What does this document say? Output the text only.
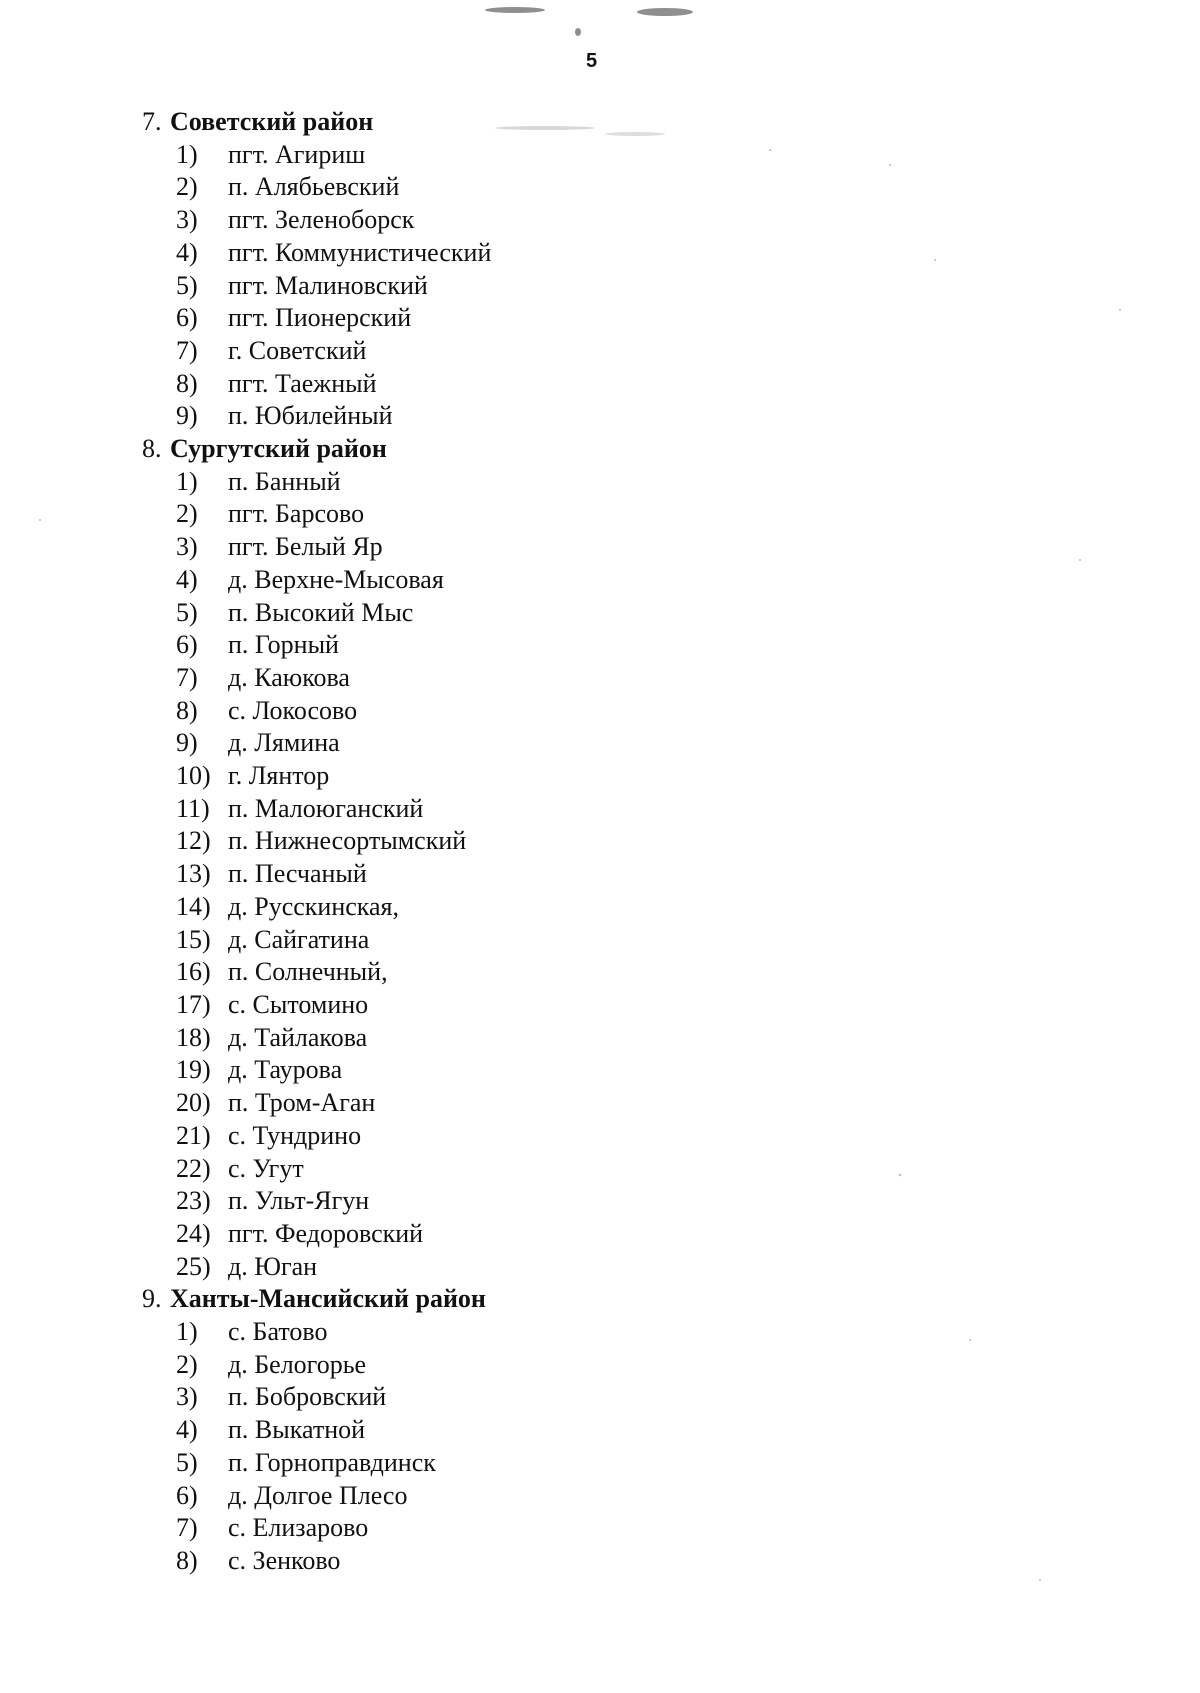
5
7. Советский район
1) пгт. Агириш
2) п. Алябьевский
3) пгт. Зеленоборск
4) пгт. Коммунистический
5) пгт. Малиновский
6) пгт. Пионерский
7) г. Советский
8) пгт. Таежный
9) п. Юбилейный
8. Сургутский район
1) п. Банный
2) пгт. Барсово
3) пгт. Белый Яр
4) д. Верхне-Мысовая
5) п. Высокий Мыс
6) п. Горный
7) д. Каюкова
8) с. Локосово
9) д. Лямина
10) г. Лянтор
11) п. Малоюганский
12) п. Нижнесортымский
13) п. Песчаный
14) д. Русскинская,
15) д. Сайгатина
16) п. Солнечный,
17) с. Сытомино
18) д. Тайлакова
19) д. Таурова
20) п. Тром-Аган
21) с. Тундрино
22) с. Угут
23) п. Ульт-Ягун
24) пгт. Федоровский
25) д. Юган
9. Ханты-Мансийский район
1) с. Батово
2) д. Белогорье
3) п. Бобровский
4) п. Выкатной
5) п. Горноправдинск
6) д. Долгое Плесо
7) с. Елизарово
8) с. Зенково
